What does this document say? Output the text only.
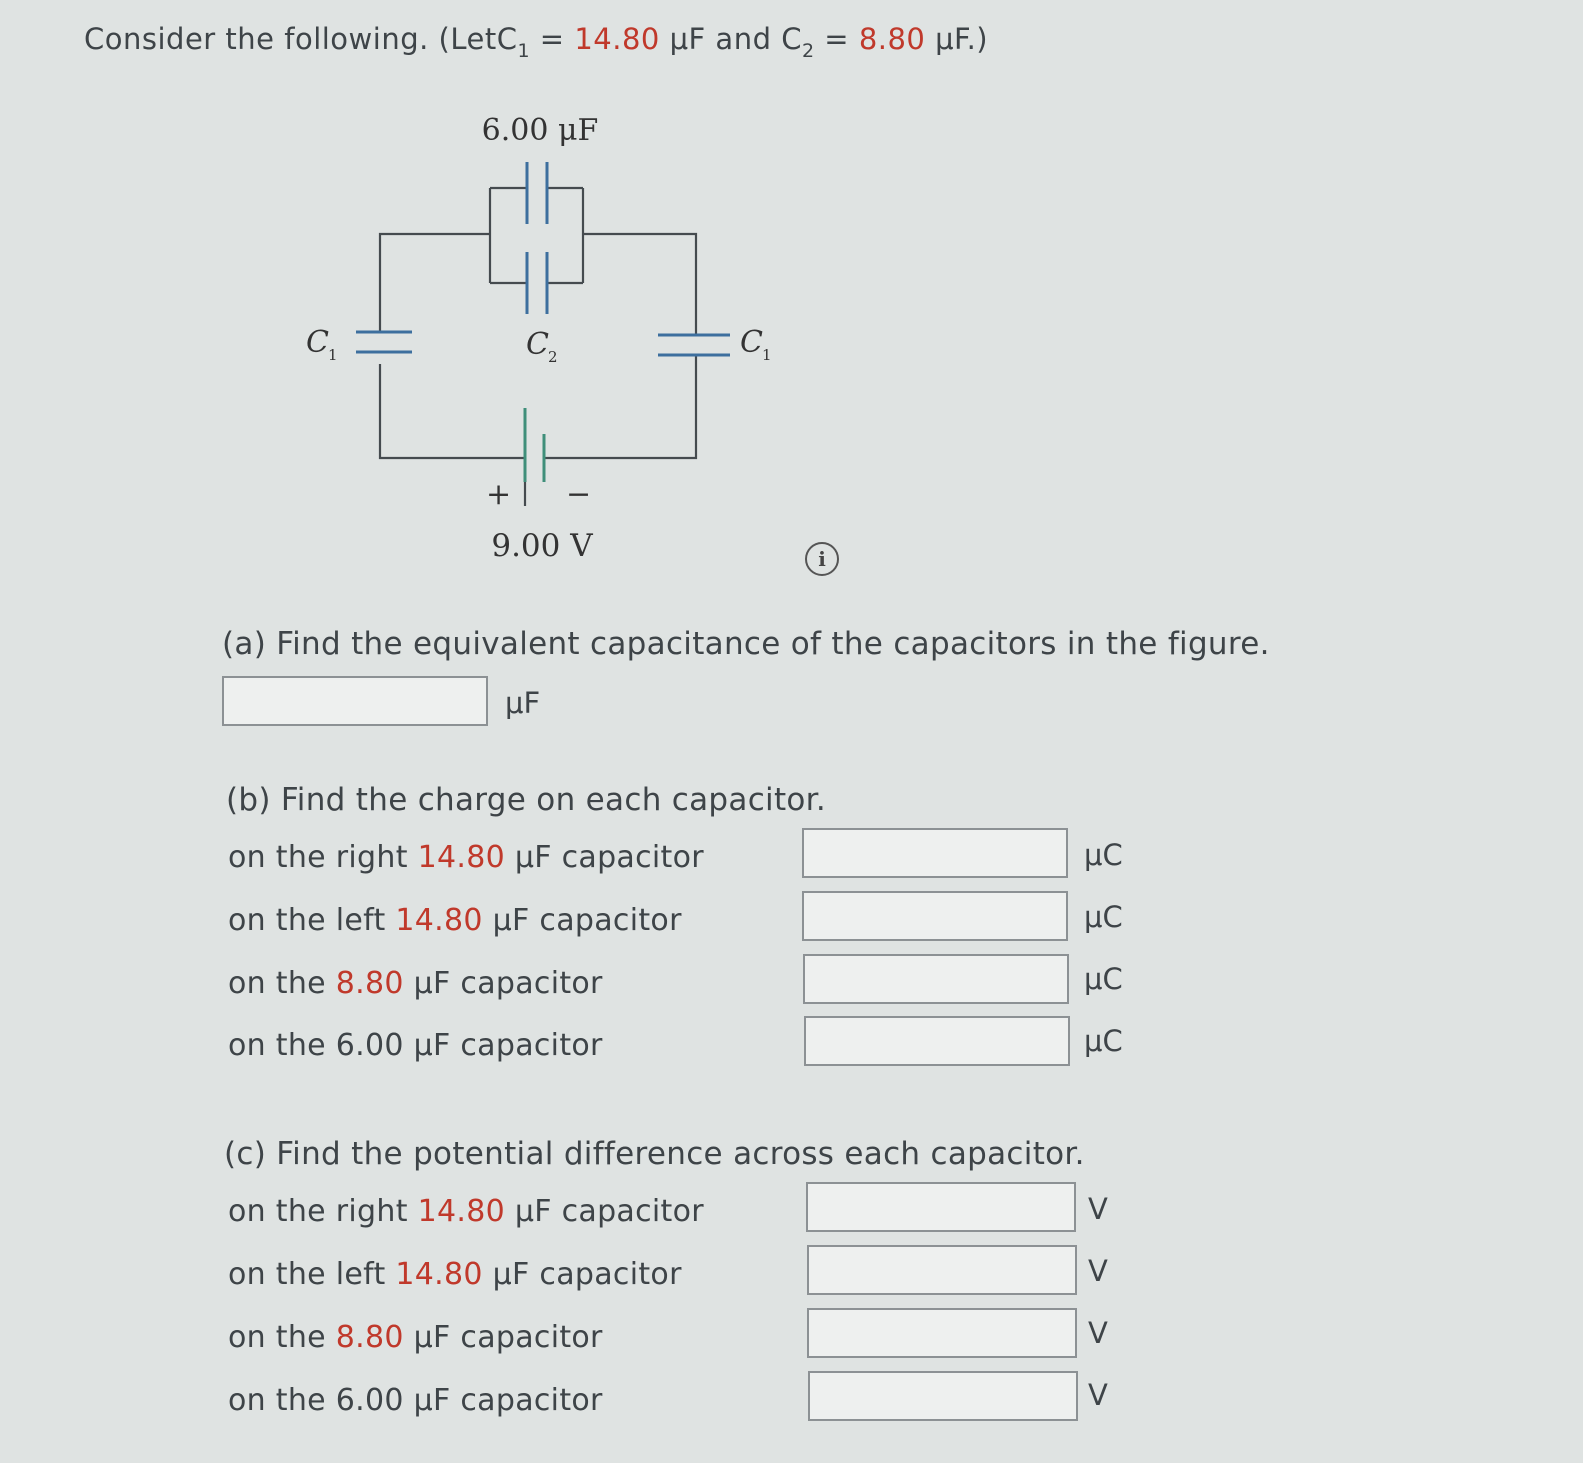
Consider the following. (LetC$_1$ = 14.80 μF and $C_2 = 8.80$ μF.)
6.00 μF
C 1	C 2	C 1
+ −
9.00 V	i
(a) Find the equivalent capacitance of the capacitors in the figure.
μF
(b) Find the charge on each capacitor.
on the right 14.80 μF capacitor	μC
on the left 14.80 μF capacitor	μC
on the 8.80 μF capacitor	μC
on the 6.00 μF capacitor	μC
(c) Find the potential difference across each capacitor.
on the right 14.80 μF capacitor	V
on the left 14.80 μF capacitor	V
on the 8.80 μF capacitor	V
on the 6.00 μF capacitor	V
